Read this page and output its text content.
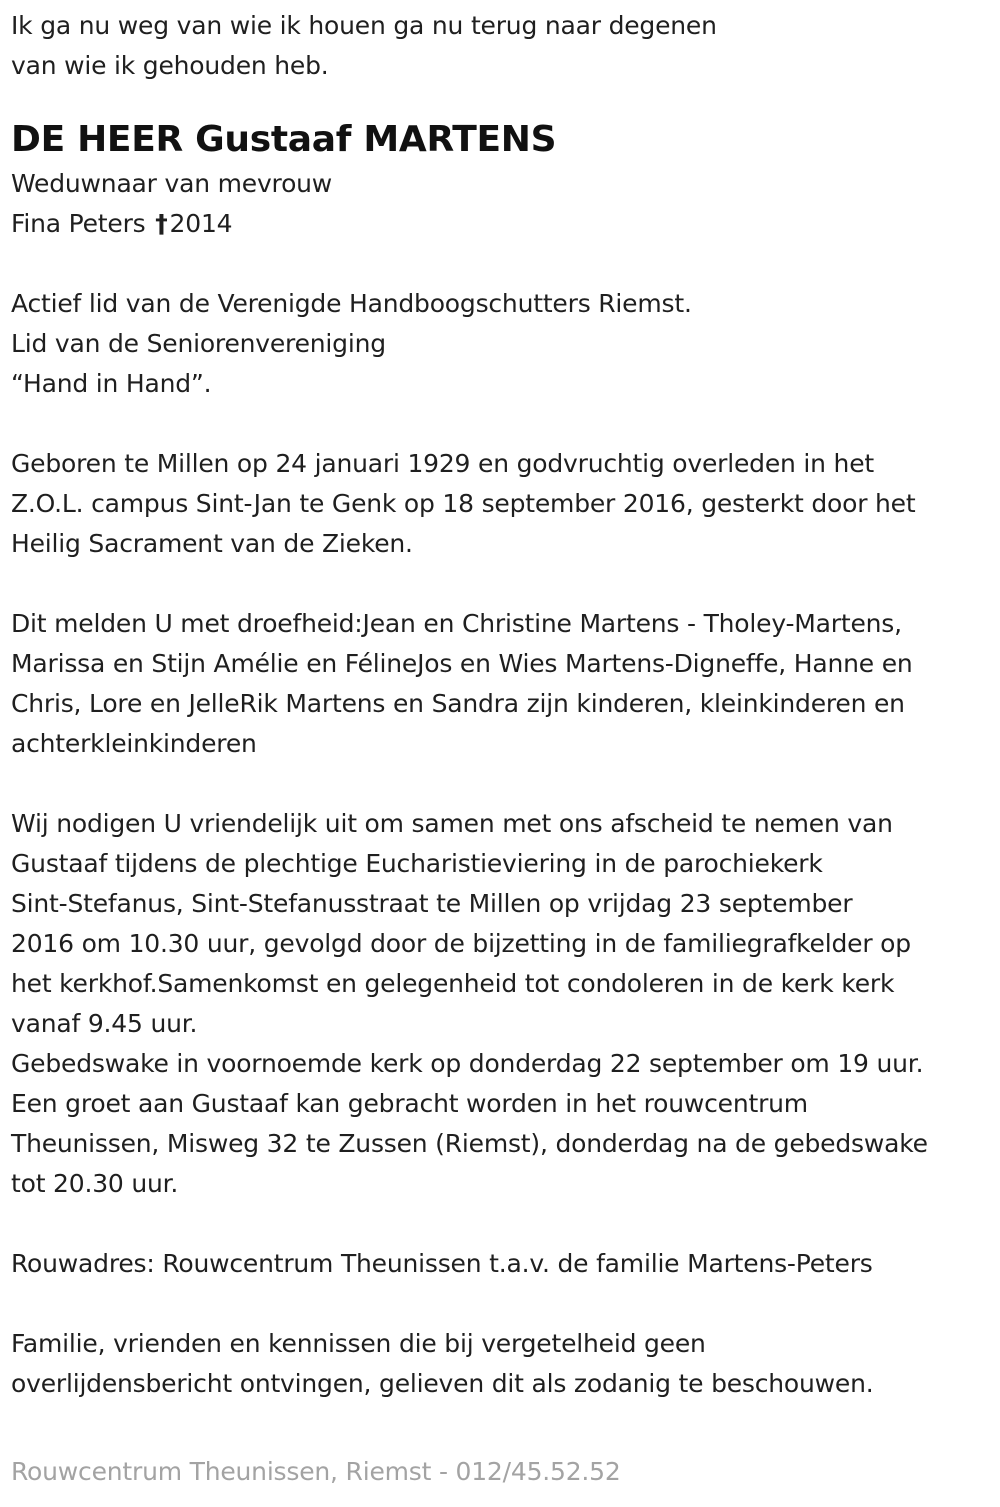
Ik ga nu weg van wie ik houen ga nu terug naar degenen
van wie ik gehouden heb.
DE HEER Gustaaf MARTENS
Weduwnaar van mevrouw
Fina Peters †2014
Actief lid van de Verenigde Handboogschutters Riemst.
Lid van de Seniorenvereniging
“Hand in Hand”.
Geboren te Millen op 24 januari 1929 en godvruchtig overleden in het
Z.O.L. campus Sint-Jan te Genk op 18 september 2016, gesterkt door het
Heilig Sacrament van de Zieken.
Dit melden U met droefheid:Jean en Christine Martens - Tholey-Martens,
Marissa en Stijn Amélie en FélineJos en Wies Martens-Digneffe, Hanne en
Chris, Lore en JelleRik Martens en Sandra zijn kinderen, kleinkinderen en
achterkleinkinderen
Wij nodigen U vriendelijk uit om samen met ons afscheid te nemen van
Gustaaf tijdens de plechtige Eucharistieviering in de parochiekerk
Sint-Stefanus, Sint-Stefanusstraat te Millen op vrijdag 23 september
2016 om 10.30 uur, gevolgd door de bijzetting in de familiegrafkelder op
het kerkhof.Samenkomst en gelegenheid tot condoleren in de kerk kerk
vanaf 9.45 uur.
Gebedswake in voornoemde kerk op donderdag 22 september om 19 uur.
Een groet aan Gustaaf kan gebracht worden in het rouwcentrum
Theunissen, Misweg 32 te Zussen (Riemst), donderdag na de gebedswake
tot 20.30 uur.
Rouwadres: Rouwcentrum Theunissen t.a.v. de familie Martens-Peters
Familie, vrienden en kennissen die bij vergetelheid geen
overlijdensbericht ontvingen, gelieven dit als zodanig te beschouwen.
Rouwcentrum Theunissen, Riemst - 012/45.52.52
